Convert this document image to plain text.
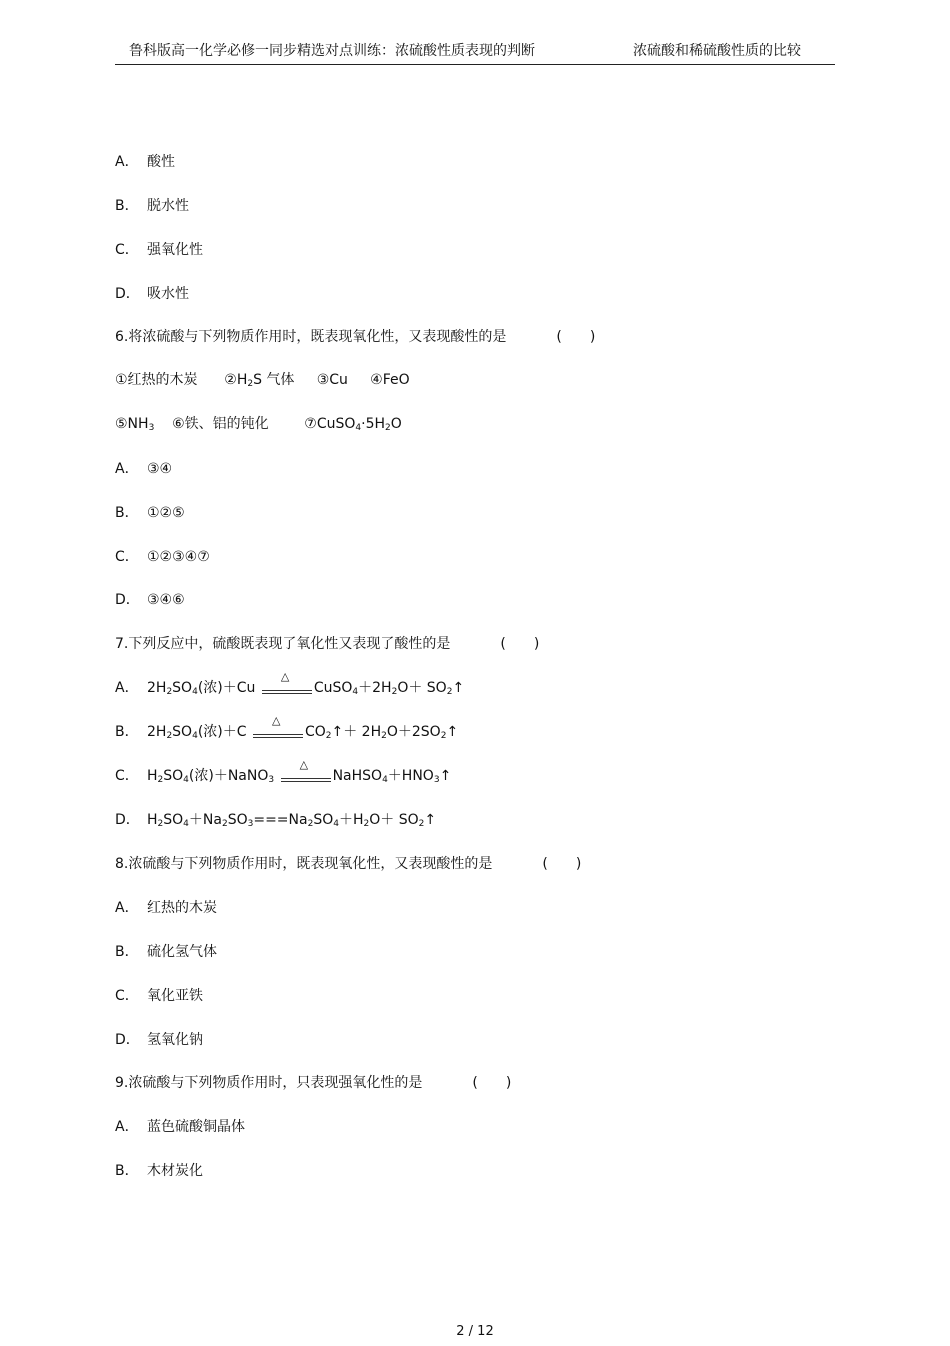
鲁科版高一化学必修一同步精选对点训练：浓硫酸性质表现的判断	浓硫酸和稀硫酸性质的比较
A． 酸性
B． 脱水性
C． 强氧化性
D． 吸水性
6.将浓硫酸与下列物质作用时，既表现氧化性，又表现酸性的是	(　　)
①红热的木炭 $②H_2S$ 气体 ③Cu ④FeO
$⑤NH_3$ ⑥铁、铝的钝化	$⑦CuSO_4\cdot 5H_2O$
A． ③④
B． ①②⑤
C． ①②③④⑦
D． ③④⑥
7.下列反应中，硫酸既表现了氧化性又表现了酸性的是	(　　)
A． $2H_2SO_4$(浓)＋Cu
△
$CuSO_4+2H_2O+$ $SO_2↑$
B． $2H_2SO_4$(浓)＋C
△
$CO_2↑+$ $2H_2O+2SO_2↑$
C． $H_2SO_4$(浓)＋NaNO$_3$
△
$NaHSO_4+HNO_3↑$
D． $H_2SO_4+Na_2SO_3===Na_2SO_4+H_2O+$ $SO_2↑$
8.浓硫酸与下列物质作用时，既表现氧化性，又表现酸性的是	(　　)
A． 红热的木炭
B． 硫化氢气体
C． 氧化亚铁
D． 氢氧化钠
9.浓硫酸与下列物质作用时，只表现强氧化性的是	(　　)
A． 蓝色硫酸铜晶体
B． 木材炭化
2 / 12
